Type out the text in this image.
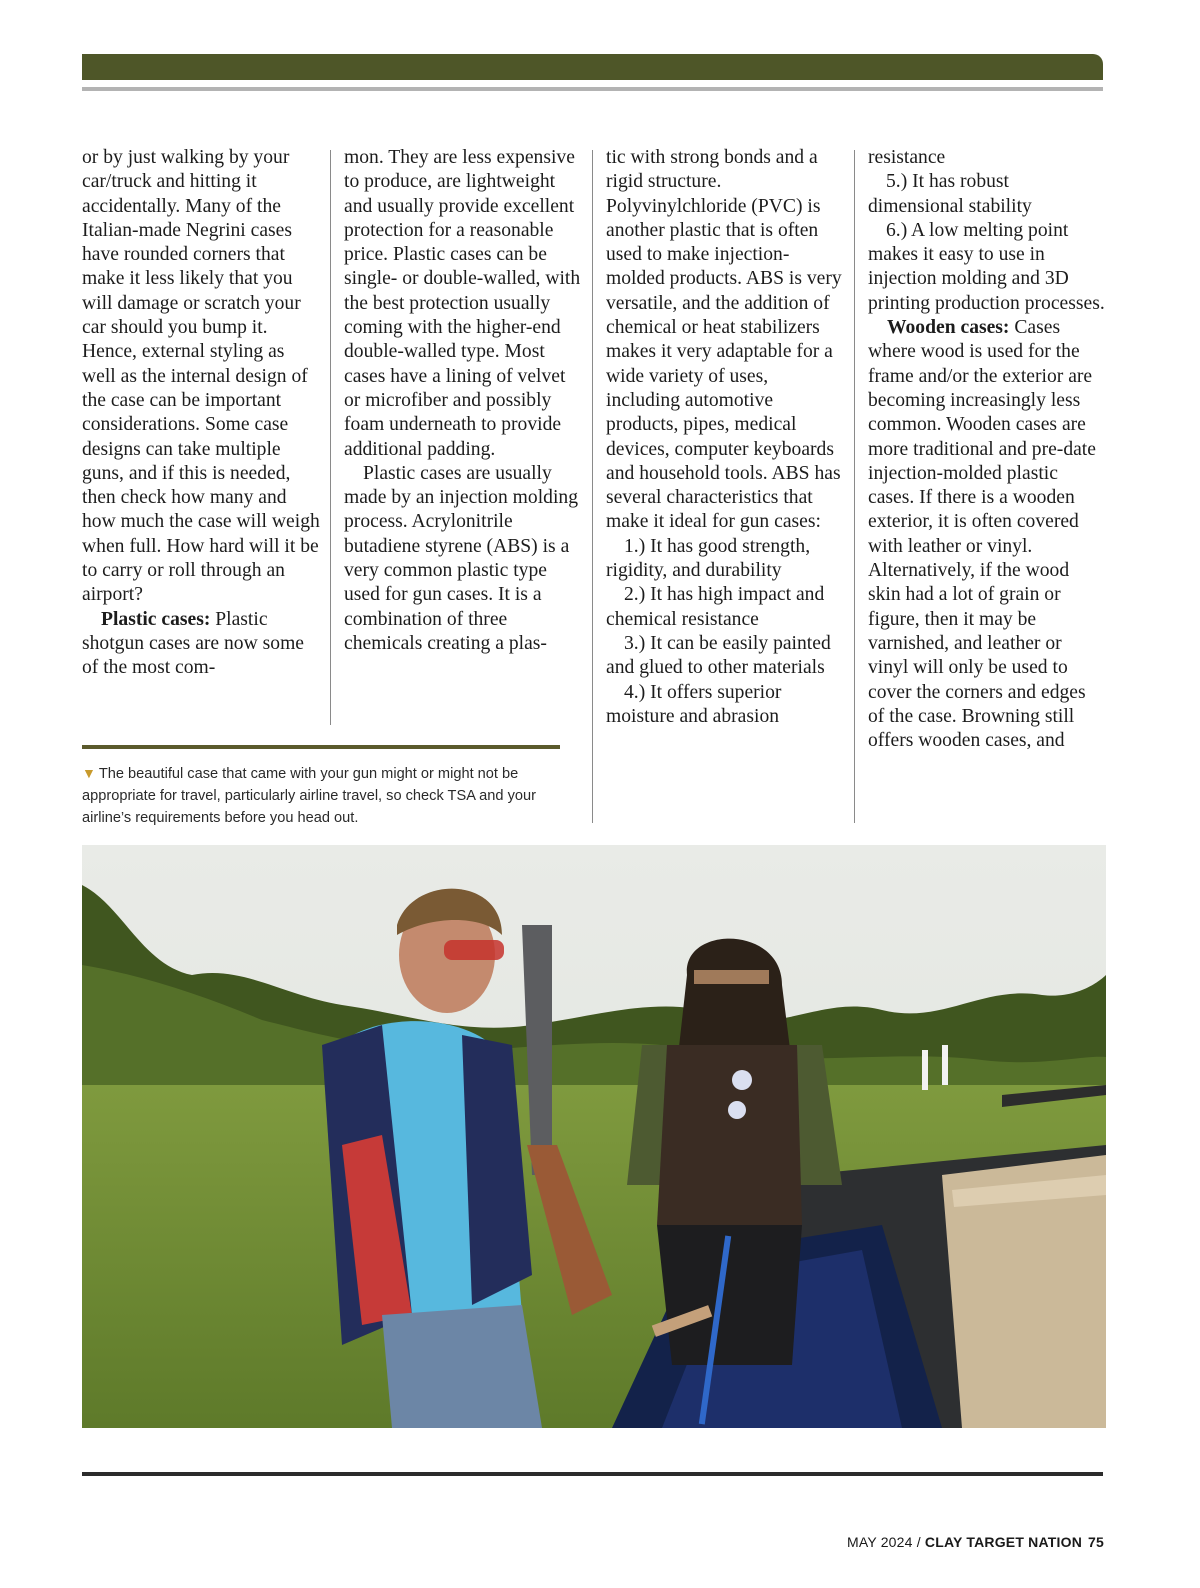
or by just walking by your car/truck and hitting it accidentally. Many of the Italian-made Negrini cases have rounded corners that make it less likely that you will damage or scratch your car should you bump it. Hence, external styling as well as the internal design of the case can be important considerations. Some case designs can take multiple guns, and if this is needed, then check how many and how much the case will weigh when full. How hard will it be to carry or roll through an airport?

Plastic cases: Plastic shotgun cases are now some of the most com-

mon. They are less expensive to produce, are lightweight and usually provide excellent protection for a reasonable price. Plastic cases can be single- or double-walled, with the best protection usually coming with the higher-end double-walled type. Most cases have a lining of velvet or microfiber and possibly foam underneath to provide additional padding.

Plastic cases are usually made by an injection molding process. Acrylonitrile butadiene styrene (ABS) is a very common plastic type used for gun cases. It is a combination of three chemicals creating a plas-

tic with strong bonds and a rigid structure. Polyvinylchloride (PVC) is another plastic that is often used to make injection-molded products. ABS is very versatile, and the addition of chemical or heat stabilizers makes it very adaptable for a wide variety of uses, including automotive products, pipes, medical devices, computer keyboards and household tools. ABS has several characteristics that make it ideal for gun cases:

1.) It has good strength, rigidity, and durability

2.) It has high impact and chemical resistance

3.) It can be easily painted and glued to other materials

4.) It offers superior moisture and abrasion

resistance

5.) It has robust dimensional stability

6.) A low melting point makes it easy to use in injection molding and 3D printing production processes.

Wooden cases: Cases where wood is used for the frame and/or the exterior are becoming increasingly less common. Wooden cases are more traditional and pre-date injection-molded plastic cases. If there is a wooden exterior, it is often covered with leather or vinyl. Alternatively, if the wood skin had a lot of grain or figure, then it may be varnished, and leather or vinyl will only be used to cover the corners and edges of the case. Browning still offers wooden cases, and

▼ The beautiful case that came with your gun might or might not be appropriate for travel, particularly airline travel, so check TSA and your airline’s requirements before you head out.
MAY 2024 / CLAY TARGET NATION 75
